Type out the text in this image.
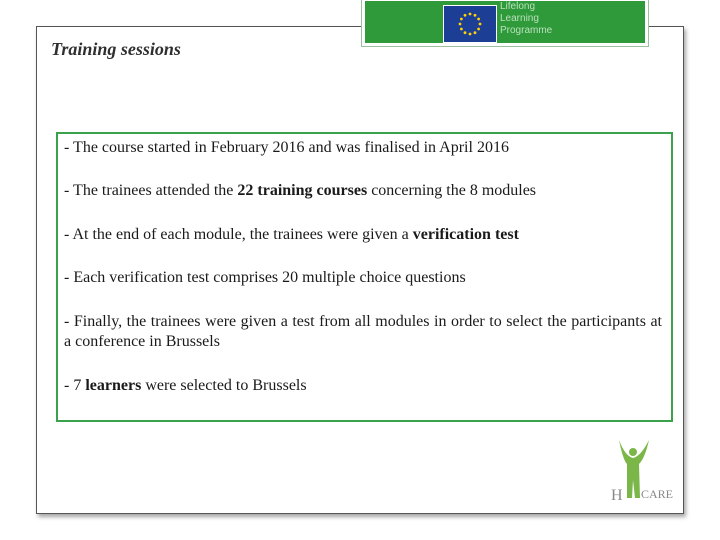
Training sessions
Lifelong
Learning
Programme
- The course started in February 2016 and was finalised in April 2016
- The trainees attended the 22 training courses concerning the 8 modules
- At the end of each module, the trainees were given a verification test
- Each verification test comprises 20 multiple choice questions
- Finally, the trainees were given a test from all modules in order to select the participants at a conference in Brussels
- 7 learners were selected to Brussels
H CARE
